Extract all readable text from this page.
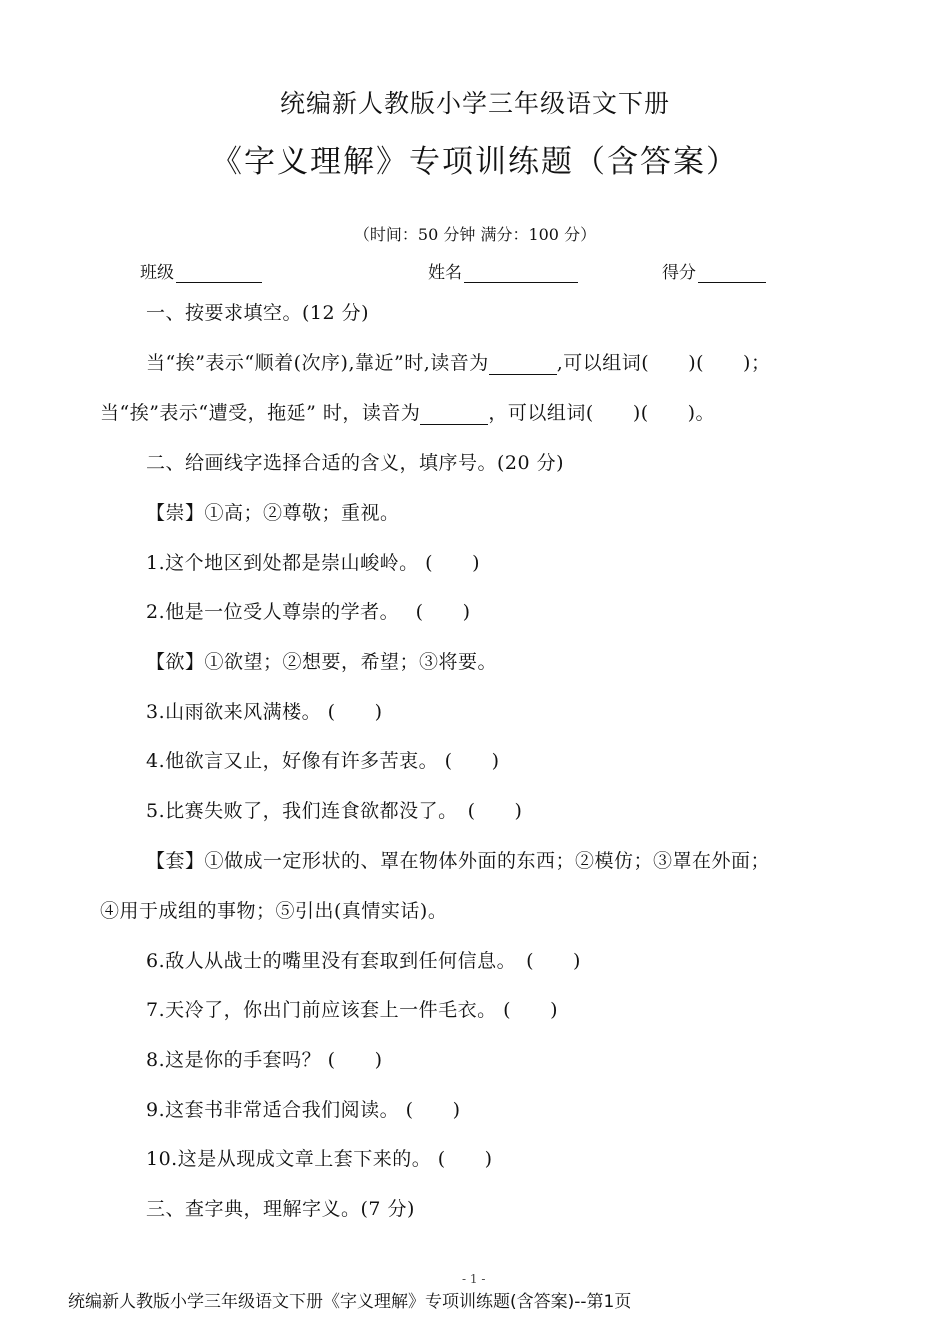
统编新人教版小学三年级语文下册
《字义理解》专项训练题（含答案）
（时间：50 分钟 满分：100 分）
班级	姓名	得分
一、按要求填空。(12 分)
当“挨”表示“顺着(次序),靠近”时,读音为	,可以组词(　　)(　　)；
当“挨”表示“遭受，拖延” 时，读音为	，可以组词(　　)(　　)。
二、给画线字选择合适的含义，填序号。(20 分)
【崇】①高；②尊敬；重视。
1.这个地区到处都是崇山峻岭。 (　　)
2.他是一位受人尊崇的学者。　 (　　)
【欲】①欲望；②想要，希望；③将要。
3.山雨欲来风满楼。 (　　)
4.他欲言又止，好像有许多苦衷。 (　　)
5.比赛失败了，我们连食欲都没了。　(　　)
【套】①做成一定形状的、罩在物体外面的东西；②模仿；③罩在外面；
④用于成组的事物；⑤引出(真情实话)。
6.敌人从战士的嘴里没有套取到任何信息。　(　　)
7.天冷了，你出门前应该套上一件毛衣。 (　　)
8.这是你的手套吗？ (　　)
9.这套书非常适合我们阅读。 (　　)
10.这是从现成文章上套下来的。 (　　)
三、查字典，理解字义。(7 分)
- 1 -
统编新人教版小学三年级语文下册《字义理解》专项训练题(含答案)--第1页
